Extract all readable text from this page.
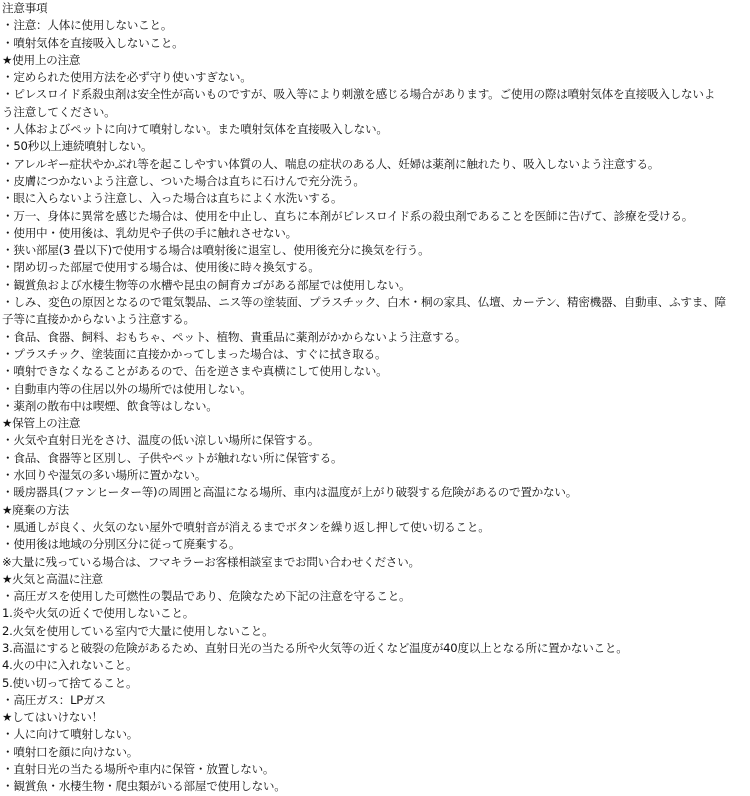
注意事項
・注意：人体に使用しないこと。
・噴射気体を直接吸入しないこと。
★使用上の注意
・定められた使用方法を必ず守り使いすぎない。
・ピレスロイド系殺虫剤は安全性が高いものですが、吸入等により刺激を感じる場合があります。ご使用の際は噴射気体を直接吸入しないよ
う注意してください。
・人体およびペットに向けて噴射しない。また噴射気体を直接吸入しない。
・50秒以上連続噴射しない。
・アレルギー症状やかぶれ等を起こしやすい体質の人、喘息の症状のある人、妊婦は薬剤に触れたり、吸入しないよう注意する。
・皮膚につかないよう注意し、ついた場合は直ちに石けんで充分洗う。
・眼に入らないよう注意し、入った場合は直ちによく水洗いする。
・万一、身体に異常を感じた場合は、使用を中止し、直ちに本剤がピレスロイド系の殺虫剤であることを医師に告げて、診療を受ける。
・使用中・使用後は、乳幼児や子供の手に触れさせない。
・狭い部屋(3 畳以下)で使用する場合は噴射後に退室し、使用後充分に換気を行う。
・閉め切った部屋で使用する場合は、使用後に時々換気する。
・観賞魚および水棲生物等の水槽や昆虫の飼育カゴがある部屋では使用しない。
・しみ、変色の原因となるので電気製品、ニス等の塗装面、プラスチック、白木・桐の家具、仏壇、カーテン、精密機器、自動車、ふすま、障
子等に直接かからないよう注意する。
・食品、食器、飼料、おもちゃ、ペット、植物、貴重品に薬剤がかからないよう注意する。
・プラスチック、塗装面に直接かかってしまった場合は、すぐに拭き取る。
・噴射できなくなることがあるので、缶を逆さまや真横にして使用しない。
・自動車内等の住居以外の場所では使用しない。
・薬剤の散布中は喫煙、飲食等はしない。
★保管上の注意
・火気や直射日光をさけ、温度の低い涼しい場所に保管する。
・食品、食器等と区別し、子供やペットが触れない所に保管する。
・水回りや湿気の多い場所に置かない。
・暖房器具(ファンヒーター等)の周囲と高温になる場所、車内は温度が上がり破裂する危険があるので置かない。
★廃棄の方法
・風通しが良く、火気のない屋外で噴射音が消えるまでボタンを繰り返し押して使い切ること。
・使用後は地域の分別区分に従って廃棄する。
※大量に残っている場合は、フマキラーお客様相談室までお問い合わせください。
★火気と高温に注意
・高圧ガスを使用した可燃性の製品であり、危険なため下記の注意を守ること。
1.炎や火気の近くで使用しないこと。
2.火気を使用している室内で大量に使用しないこと。
3.高温にすると破裂の危険があるため、直射日光の当たる所や火気等の近くなど温度が40度以上となる所に置かないこと。
4.火の中に入れないこと。
5.使い切って捨てること。
・高圧ガス：LPガス
★してはいけない！
・人に向けて噴射しない。
・噴射口を顔に向けない。
・直射日光の当たる場所や車内に保管・放置しない。
・観賞魚・水棲生物・爬虫類がいる部屋で使用しない。
